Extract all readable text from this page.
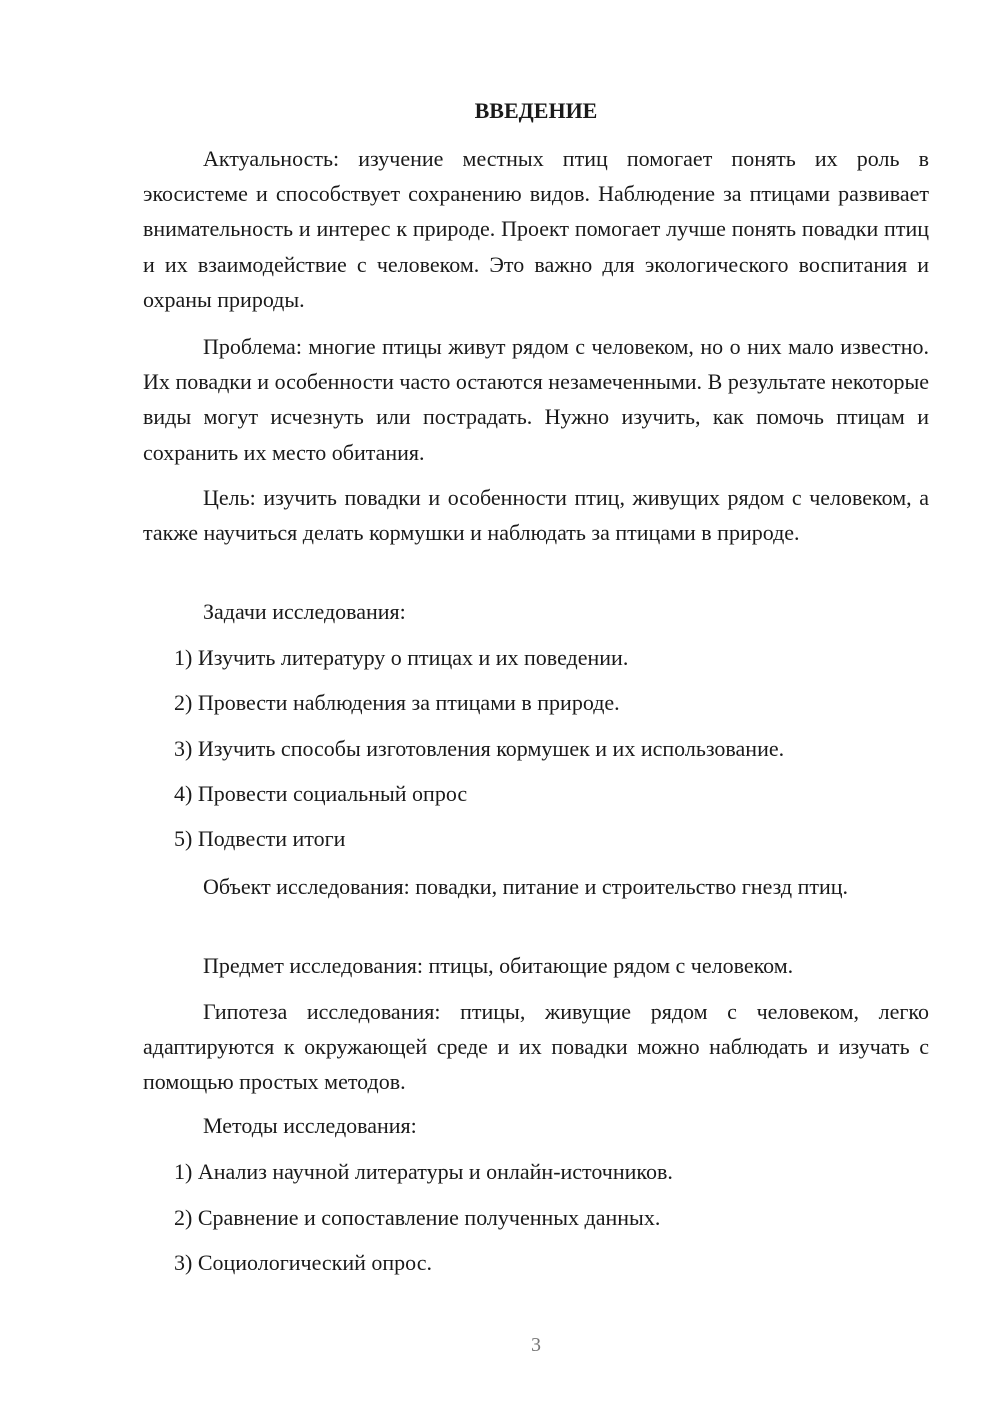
ВВЕДЕНИЕ

Актуальность: изучение местных птиц помогает понять их роль в экосистеме и способствует сохранению видов. Наблюдение за птицами развивает внимательность и интерес к природе. Проект помогает лучше понять повадки птиц и их взаимодействие с человеком. Это важно для экологического воспитания и охраны природы.

Проблема: многие птицы живут рядом с человеком, но о них мало известно. Их повадки и особенности часто остаются незамеченными. В результате некоторые виды могут исчезнуть или пострадать. Нужно изучить, как помочь птицам и сохранить их место обитания.

Цель: изучить повадки и особенности птиц, живущих рядом с человеком, а также научиться делать кормушки и наблюдать за птицами в природе.

Задачи исследования:

1) Изучить литературу о птицах и их поведении.

2) Провести наблюдения за птицами в природе.

3) Изучить способы изготовления кормушек и их использование.

4) Провести социальный опрос

5) Подвести итоги

Объект исследования: повадки, питание и строительство гнезд птиц.

Предмет исследования: птицы, обитающие рядом с человеком.

Гипотеза исследования: птицы, живущие рядом с человеком, легко адаптируются к окружающей среде и их повадки можно наблюдать и изучать с помощью простых методов.

Методы исследования:

1) Анализ научной литературы и онлайн-источников.

2) Сравнение и сопоставление полученных данных.

3) Социологический опрос.

3
